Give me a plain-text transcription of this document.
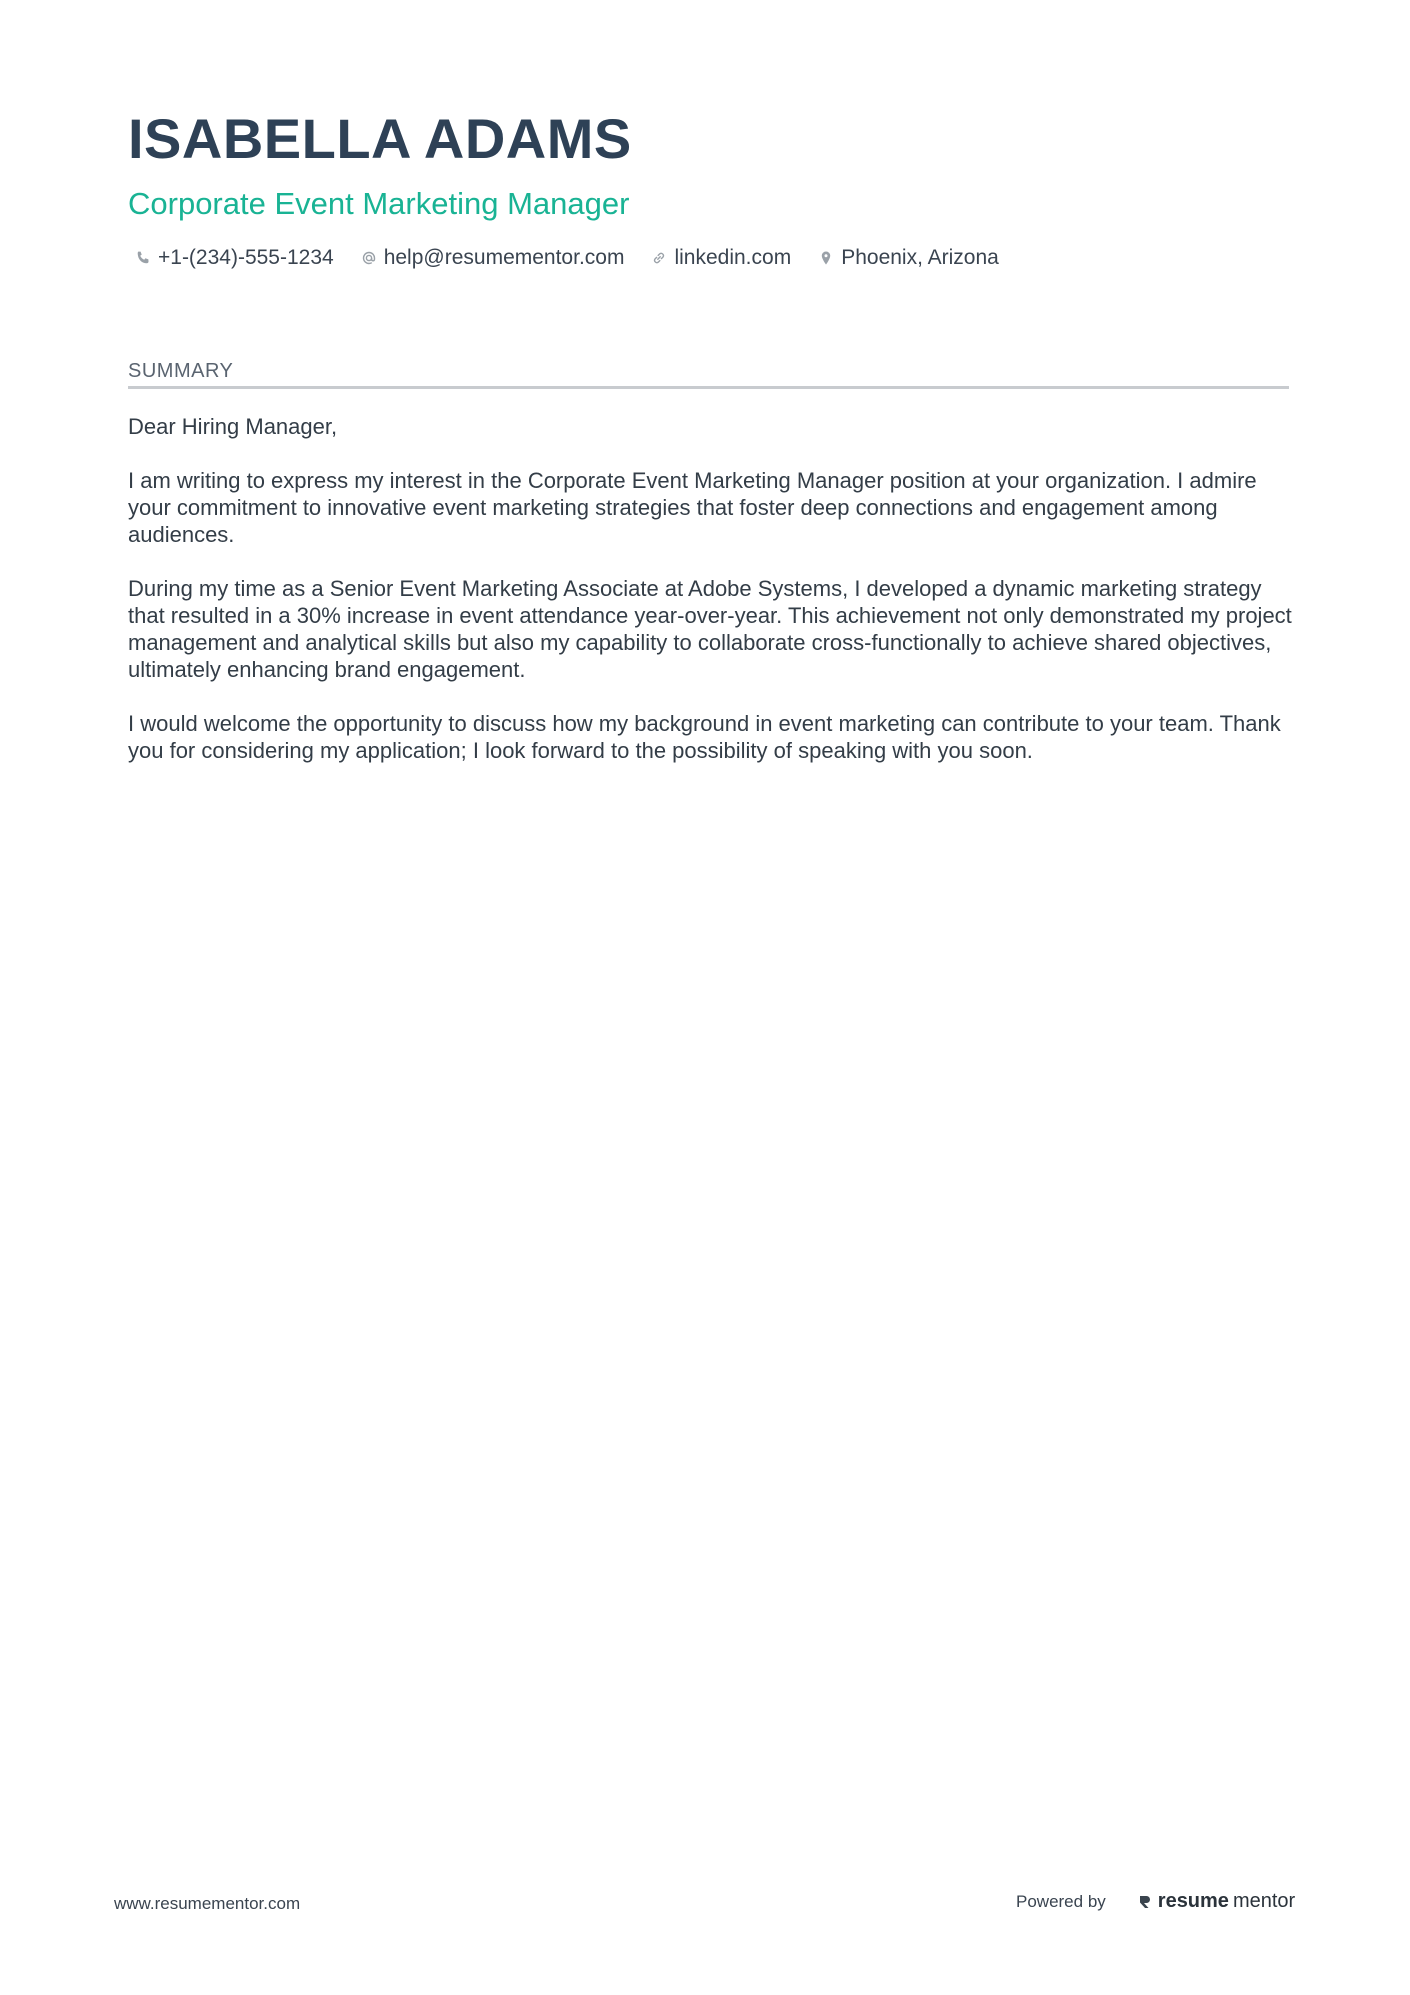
ISABELLA ADAMS
Corporate Event Marketing Manager
+1-(234)-555-1234 help@resumementor.com linkedin.com Phoenix, Arizona
SUMMARY

Dear Hiring Manager,

I am writing to express my interest in the Corporate Event Marketing Manager position at your organization. I admire your commitment to innovative event marketing strategies that foster deep connections and engagement among audiences.

During my time as a Senior Event Marketing Associate at Adobe Systems, I developed a dynamic marketing strategy that resulted in a 30% increase in event attendance year-over-year. This achievement not only demonstrated my project management and analytical skills but also my capability to collaborate cross-functionally to achieve shared objectives, ultimately enhancing brand engagement.

I would welcome the opportunity to discuss how my background in event marketing can contribute to your team. Thank you for considering my application; I look forward to the possibility of speaking with you soon.

www.resumementor.com	Powered by	resume mentor
